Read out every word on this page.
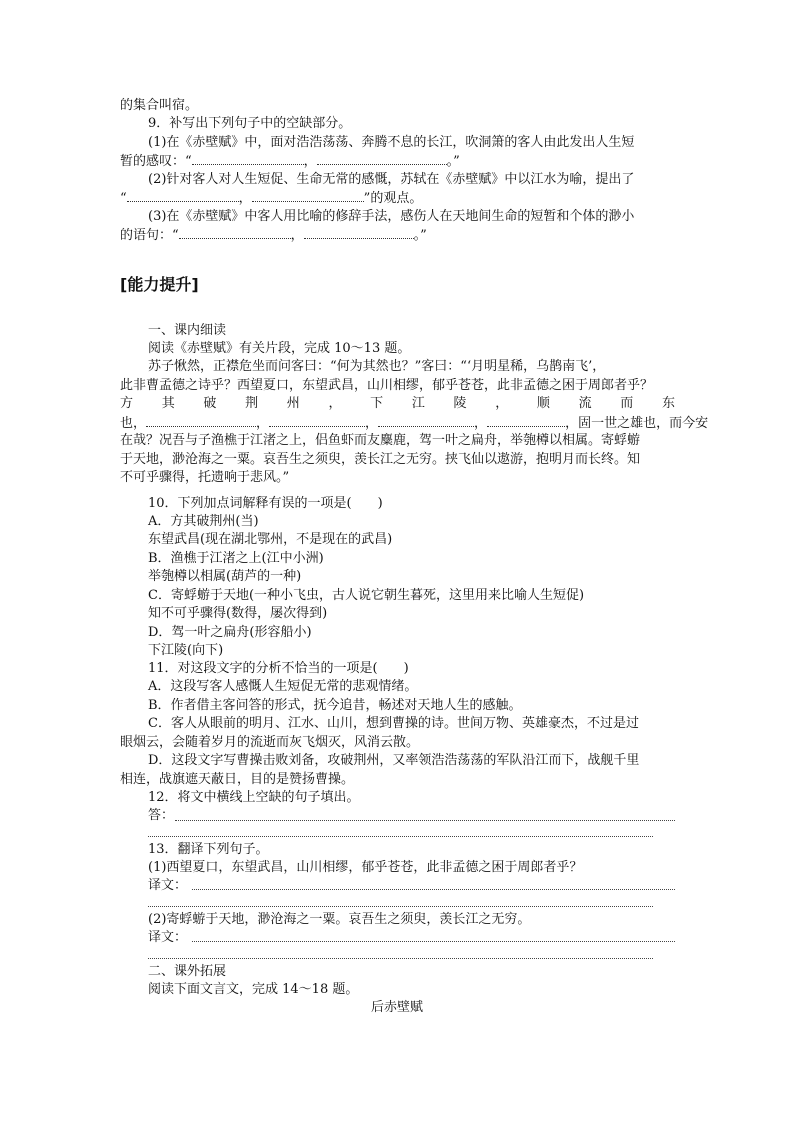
的集合叫宿。
9．补写出下列句子中的空缺部分。
(1)在《赤壁赋》中，面对浩浩荡荡、奔腾不息的长江，吹洞箫的客人由此发出人生短
暂的感叹：“	，	。”
(2)针对客人对人生短促、生命无常的感慨，苏轼在《赤壁赋》中以江水为喻，提出了
“	，	”的观点。
(3)在《赤壁赋》中客人用比喻的修辞手法，感伤人在天地间生命的短暂和个体的渺小
的语句：“	，	。”
[能力提升]
一、课内细读
阅读《赤壁赋》有关片段，完成 10～13 题。
苏子愀然，正襟危坐而问客曰：“何为其然也？”客曰：“‘月明星稀，乌鹊南飞’，
此非曹孟德之诗乎？西望夏口，东望武昌，山川相缪，郁乎苍苍，此非孟德之困于周郎者乎？
方 其 破 荆 州 ， 下 江 陵 ， 顺 流 而 东
也，	，	，	，	，固一世之雄也，而今安
在哉？况吾与子渔樵于江渚之上，侣鱼虾而友麋鹿，驾一叶之扁舟，举匏樽以相属。寄蜉蝣
于天地，渺沧海之一粟。哀吾生之须臾，羡长江之无穷。挟飞仙以遨游，抱明月而长终。知
不可乎骤得，托遗响于悲风。”
10．下列加点词解释有误的一项是(　　)
A．方其破荆州(当)
东望武昌(现在湖北鄂州，不是现在的武昌)
B．渔樵于江渚之上(江中小洲)
举匏樽以相属(葫芦的一种)
C．寄蜉蝣于天地(一种小飞虫，古人说它朝生暮死，这里用来比喻人生短促)
知不可乎骤得(数得，屡次得到)
D．驾一叶之扁舟(形容船小)
下江陵(向下)
11．对这段文字的分析不恰当的一项是(　　)
A．这段写客人感慨人生短促无常的悲观情绪。
B．作者借主客问答的形式，抚今追昔，畅述对天地人生的感触。
C．客人从眼前的明月、江水、山川，想到曹操的诗。世间万物、英雄豪杰，不过是过
眼烟云，会随着岁月的流逝而灰飞烟灭，风消云散。
D．这段文字写曹操击败刘备，攻破荆州，又率领浩浩荡荡的军队沿江而下，战舰千里
相连，战旗遮天蔽日，目的是赞扬曹操。
12．将文中横线上空缺的句子填出。
答：
13．翻译下列句子。
(1)西望夏口，东望武昌，山川相缪，郁乎苍苍，此非孟德之困于周郎者乎？
译文：
(2)寄蜉蝣于天地，渺沧海之一粟。哀吾生之须臾，羡长江之无穷。
译文：
二、课外拓展
阅读下面文言文，完成 14～18 题。
后赤壁赋
